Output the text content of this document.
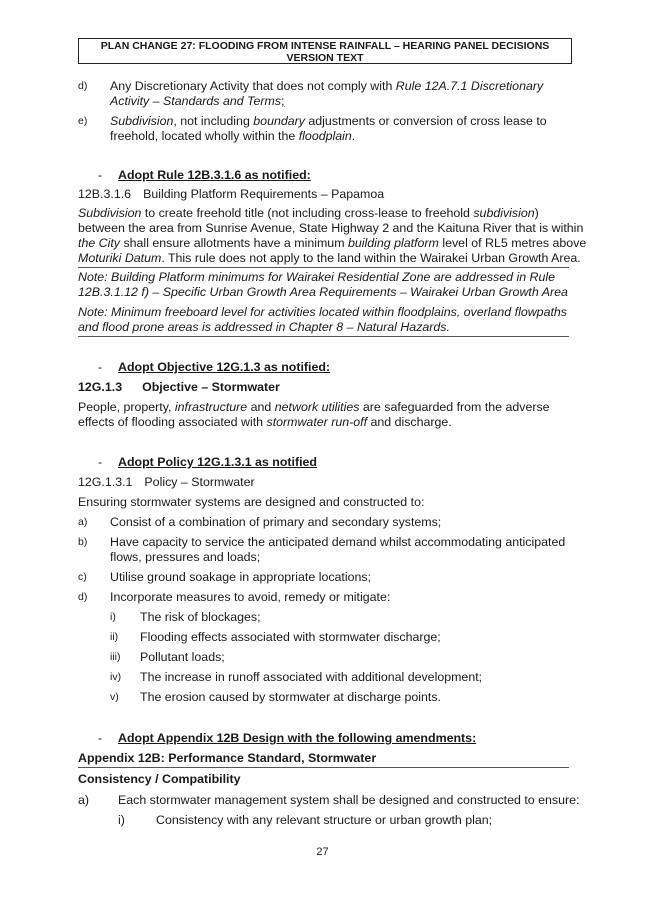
PLAN CHANGE 27: FLOODING FROM INTENSE RAINFALL – HEARING PANEL DECISIONS
VERSION TEXT
d) Any Discretionary Activity that does not comply with Rule 12A.7.1 Discretionary
Activity – Standards and Terms;
e) Subdivision, not including boundary adjustments or conversion of cross lease to
freehold, located wholly within the floodplain.
- Adopt Rule 12B.3.1.6 as notified:
12B.3.1.6 Building Platform Requirements – Papamoa
Subdivision to create freehold title (not including cross-lease to freehold subdivision)
between the area from Sunrise Avenue, State Highway 2 and the Kaituna River that is within
the City shall ensure allotments have a minimum building platform level of RL5 metres above
Moturiki Datum. This rule does not apply to the land within the Wairakei Urban Growth Area.
Note: Building Platform minimums for Wairakei Residential Zone are addressed in Rule
12B.3.1.12 f) – Specific Urban Growth Area Requirements – Wairakei Urban Growth Area
Note: Minimum freeboard level for activities located within floodplains, overland flowpaths
and flood prone areas is addressed in Chapter 8 – Natural Hazards.
- Adopt Objective 12G.1.3 as notified:
12G.1.3 Objective – Stormwater
People, property, infrastructure and network utilities are safeguarded from the adverse
effects of flooding associated with stormwater run-off and discharge.
- Adopt Policy 12G.1.3.1 as notified
12G.1.3.1 Policy – Stormwater
Ensuring stormwater systems are designed and constructed to:
a) Consist of a combination of primary and secondary systems;
b) Have capacity to service the anticipated demand whilst accommodating anticipated
flows, pressures and loads;
c) Utilise ground soakage in appropriate locations;
d) Incorporate measures to avoid, remedy or mitigate:
i) The risk of blockages;
ii) Flooding effects associated with stormwater discharge;
iii) Pollutant loads;
iv) The increase in runoff associated with additional development;
v) The erosion caused by stormwater at discharge points.
- Adopt Appendix 12B Design with the following amendments:
Appendix 12B: Performance Standard, Stormwater
Consistency / Compatibility
a) Each stormwater management system shall be designed and constructed to ensure:
i)	Consistency with any relevant structure or urban growth plan;
27
